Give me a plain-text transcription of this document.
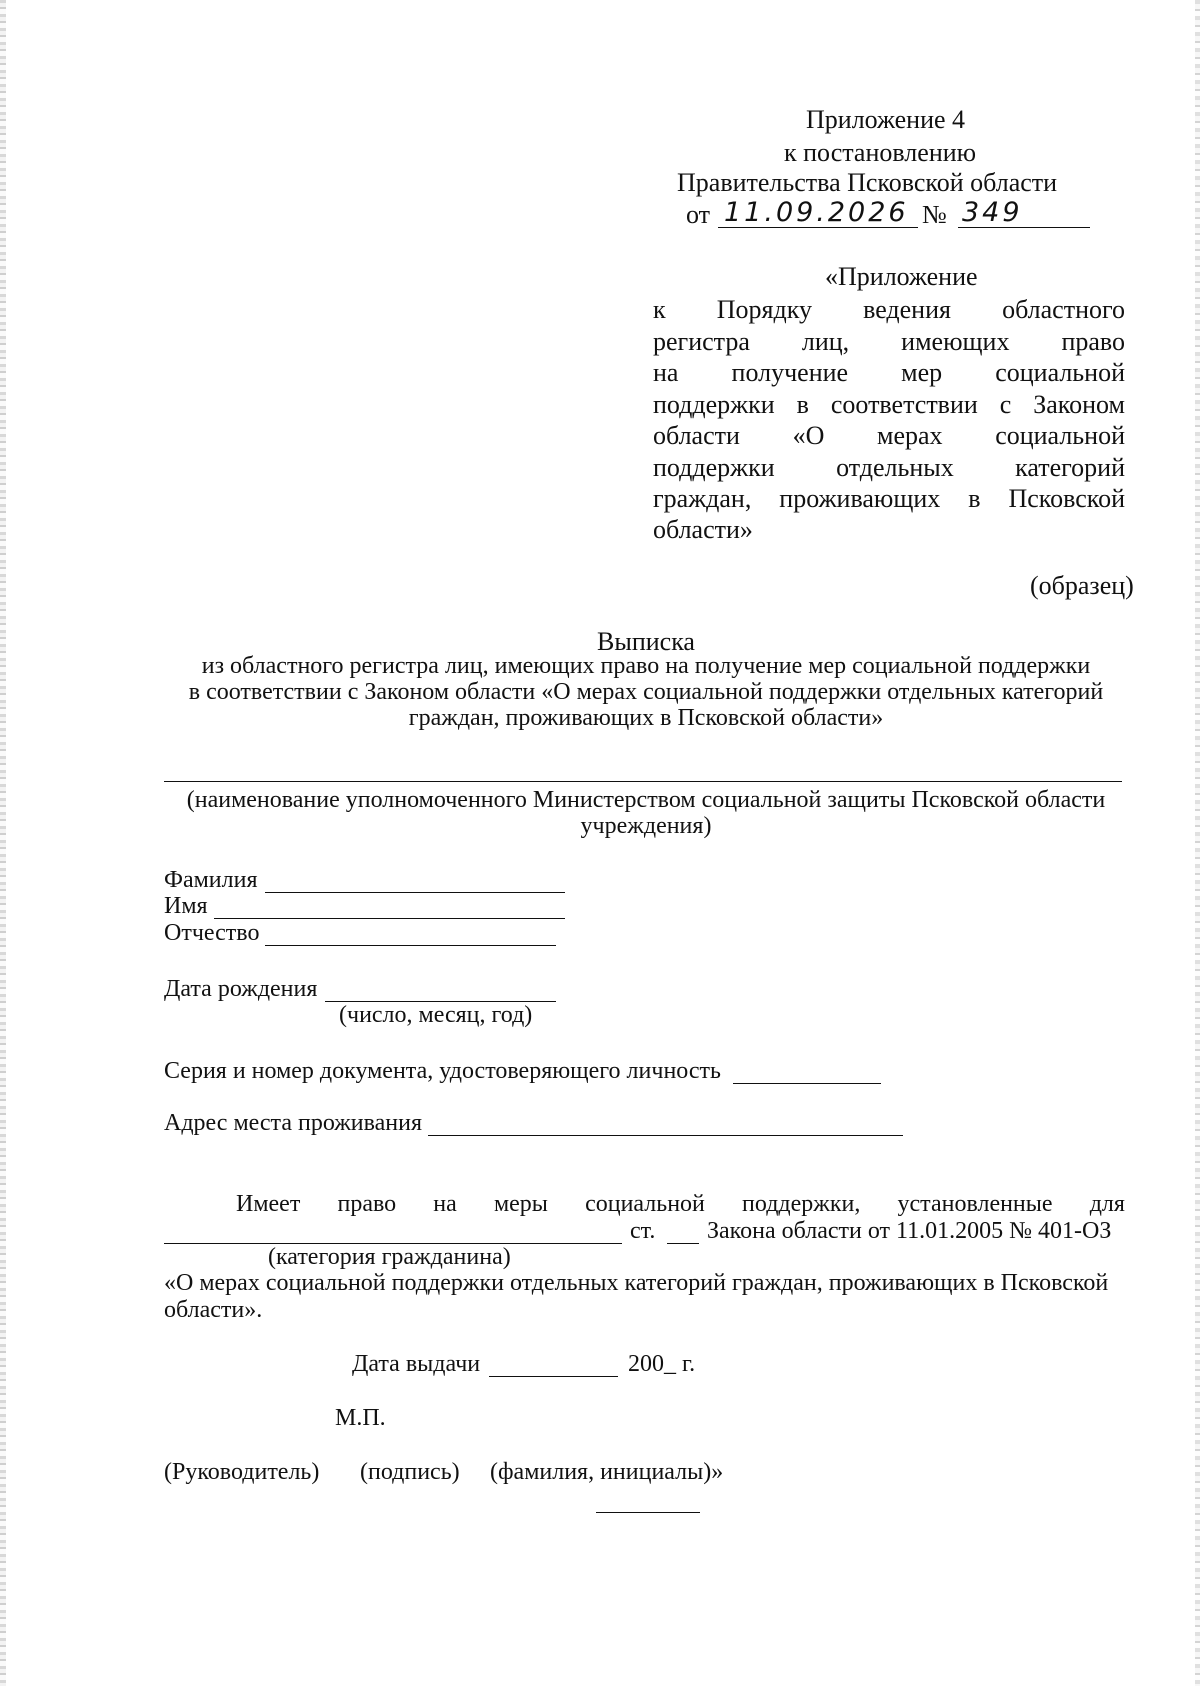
Приложение 4
к постановлению
Правительства Псковской области
от 11.09.2026 № 349
«Приложение
к Порядку ведения областного
регистра лиц, имеющих право
на получение мер социальной
поддержки в соответствии с Законом
области «О мерах социальной
поддержки отдельных категорий
граждан, проживающих в Псковской
области»
(образец)
Выписка
из областного регистра лиц, имеющих право на получение мер социальной поддержки
в соответствии с Законом области «О мерах социальной поддержки отдельных категорий
граждан, проживающих в Псковской области»
(наименование уполномоченного Министерством социальной защиты Псковской области
учреждения)
Фамилия
Имя
Отчество
Дата рождения
(число, месяц, год)
Серия и номер документа, удостоверяющего личность
Адрес места проживания
Имеет право на меры социальной поддержки, установленные для
ст. Закона области от 11.01.2005 № 401-ОЗ
(категория гражданина)
«О мерах социальной поддержки отдельных категорий граждан, проживающих в Псковской
области».
Дата выдачи	200_ г.
М.П.
(Руководитель) (подпись) (фамилия, инициалы)»
